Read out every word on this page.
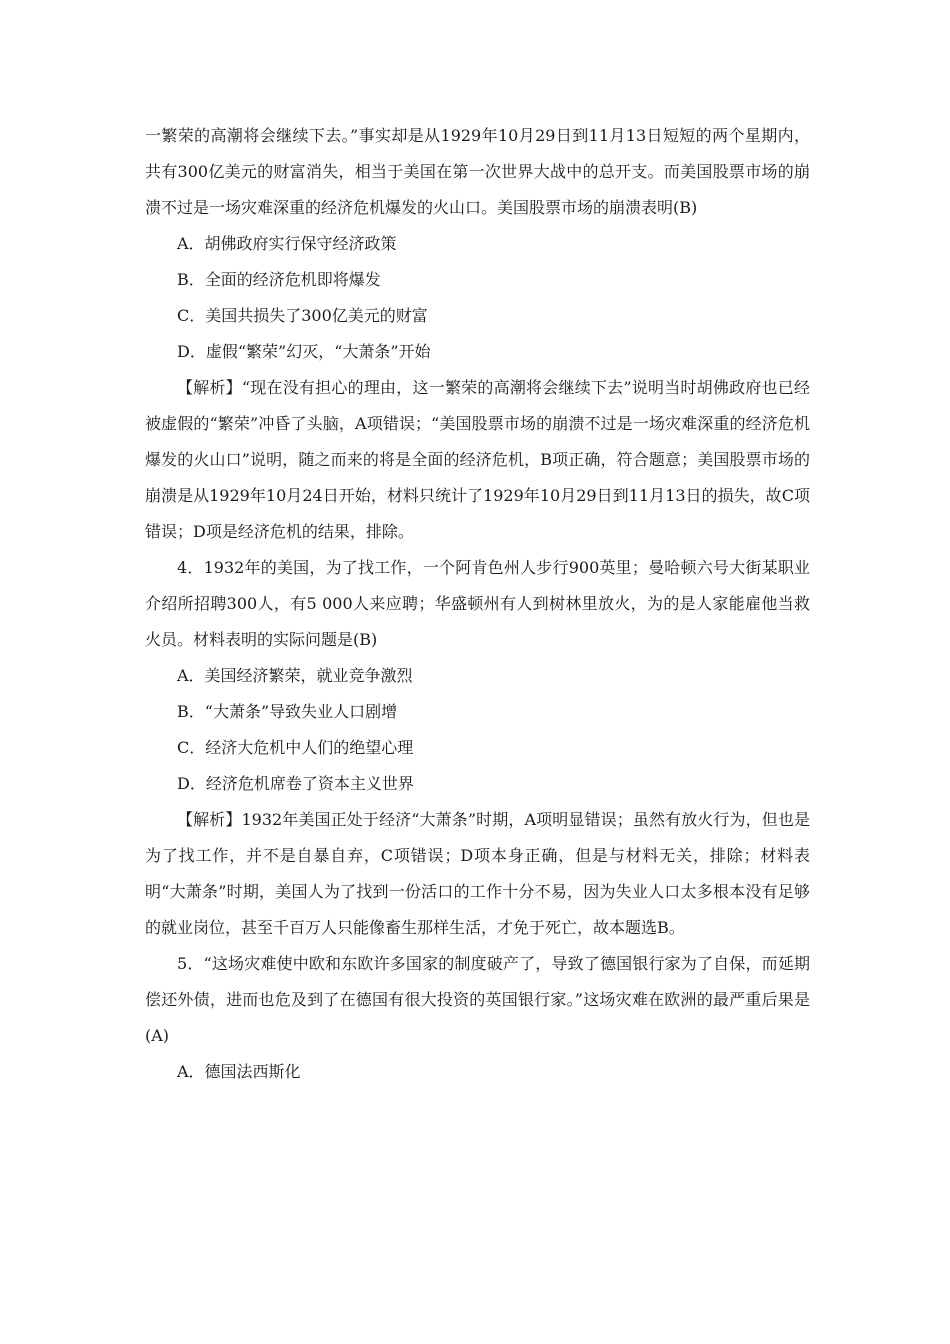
一繁荣的高潮将会继续下去。”事实却是从1929年10月29日到11月13日短短的两个星期内，共有300亿美元的财富消失，相当于美国在第一次世界大战中的总开支。而美国股票市场的崩溃不过是一场灾难深重的经济危机爆发的火山口。美国股票市场的崩溃表明(B)

A．胡佛政府实行保守经济政策

B．全面的经济危机即将爆发

C．美国共损失了300亿美元的财富

D．虚假“繁荣”幻灭，“大萧条”开始

【解析】“现在没有担心的理由，这一繁荣的高潮将会继续下去”说明当时胡佛政府也已经被虚假的“繁荣”冲昏了头脑，A项错误；“美国股票市场的崩溃不过是一场灾难深重的经济危机爆发的火山口”说明，随之而来的将是全面的经济危机，B项正确，符合题意；美国股票市场的崩溃是从1929年10月24日开始，材料只统计了1929年10月29日到11月13日的损失，故C项错误；D项是经济危机的结果，排除。

4．1932年的美国，为了找工作，一个阿肯色州人步行900英里；曼哈顿六号大街某职业介绍所招聘300人，有5 000人来应聘；华盛顿州有人到树林里放火，为的是人家能雇他当救火员。材料表明的实际问题是(B)

A．美国经济繁荣，就业竞争激烈

B．“大萧条”导致失业人口剧增

C．经济大危机中人们的绝望心理

D．经济危机席卷了资本主义世界

【解析】1932年美国正处于经济“大萧条”时期，A项明显错误；虽然有放火行为，但也是为了找工作，并不是自暴自弃，C项错误；D项本身正确，但是与材料无关，排除；材料表明“大萧条”时期，美国人为了找到一份活口的工作十分不易，因为失业人口太多根本没有足够的就业岗位，甚至千百万人只能像畜生那样生活，才免于死亡，故本题选B。

5．“这场灾难使中欧和东欧许多国家的制度破产了，导致了德国银行家为了自保，而延期偿还外债，进而也危及到了在德国有很大投资的英国银行家。”这场灾难在欧洲的最严重后果是(A)

A．德国法西斯化
